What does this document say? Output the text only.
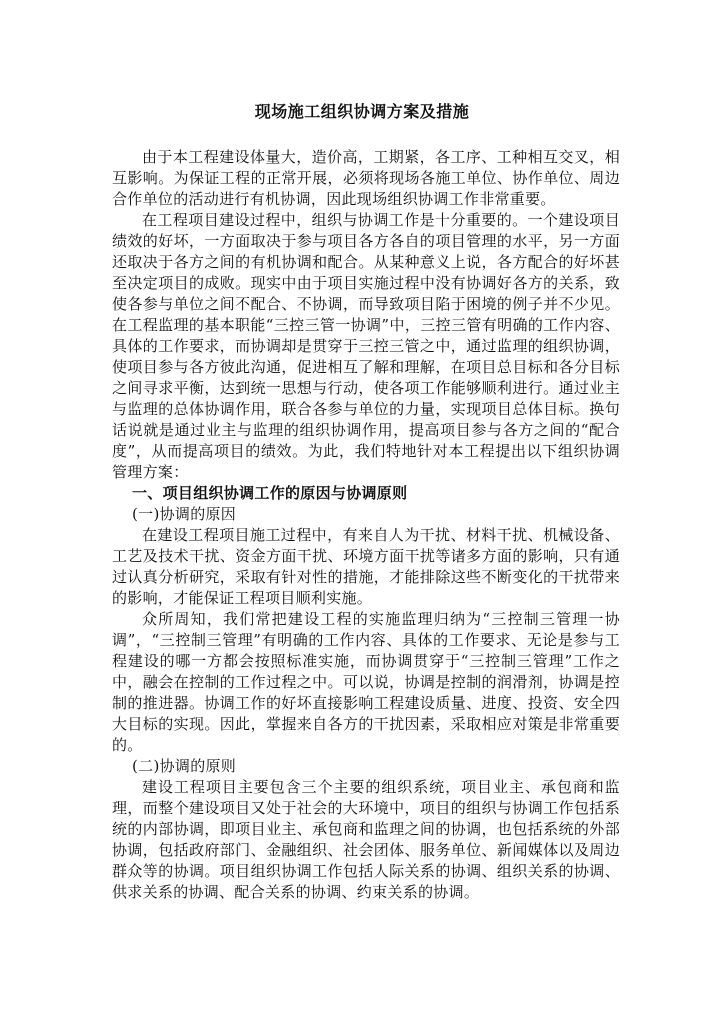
现场施工组织协调方案及措施

由于本工程建设体量大，造价高，工期紧，各工序、工种相互交叉，相互影响。为保证工程的正常开展，必须将现场各施工单位、协作单位、周边合作单位的活动进行有机协调，因此现场组织协调工作非常重要。

在工程项目建设过程中，组织与协调工作是十分重要的。一个建设项目绩效的好坏，一方面取决于参与项目各方各自的项目管理的水平，另一方面还取决于各方之间的有机协调和配合。从某种意义上说，各方配合的好坏甚至决定项目的成败。现实中由于项目实施过程中没有协调好各方的关系，致使各参与单位之间不配合、不协调，而导致项目陷于困境的例子并不少见。在工程监理的基本职能“三控三管一协调”中，三控三管有明确的工作内容、具体的工作要求，而协调却是贯穿于三控三管之中，通过监理的组织协调，使项目参与各方彼此沟通，促进相互了解和理解，在项目总目标和各分目标之间寻求平衡，达到统一思想与行动，使各项工作能够顺利进行。通过业主与监理的总体协调作用，联合各参与单位的力量，实现项目总体目标。换句话说就是通过业主与监理的组织协调作用，提高项目参与各方之间的“配合度”，从而提高项目的绩效。为此，我们特地针对本工程提出以下组织协调管理方案：

一、项目组织协调工作的原因与协调原则

(一)协调的原因

在建设工程项目施工过程中，有来自人为干扰、材料干扰、机械设备、工艺及技术干扰、资金方面干扰、环境方面干扰等诸多方面的影响，只有通过认真分析研究，采取有针对性的措施，才能排除这些不断变化的干扰带来的影响，才能保证工程项目顺利实施。

众所周知，我们常把建设工程的实施监理归纳为“三控制三管理一协调”，“三控制三管理”有明确的工作内容、具体的工作要求、无论是参与工程建设的哪一方都会按照标准实施，而协调贯穿于“三控制三管理”工作之中，融会在控制的工作过程之中。可以说，协调是控制的润滑剂，协调是控制的推进器。协调工作的好坏直接影响工程建设质量、进度、投资、安全四大目标的实现。因此，掌握来自各方的干扰因素，采取相应对策是非常重要的。

(二)协调的原则

建设工程项目主要包含三个主要的组织系统，项目业主、承包商和监理，而整个建设项目又处于社会的大环境中，项目的组织与协调工作包括系统的内部协调，即项目业主、承包商和监理之间的协调，也包括系统的外部协调，包括政府部门、金融组织、社会团体、服务单位、新闻媒体以及周边群众等的协调。项目组织协调工作包括人际关系的协调、组织关系的协调、供求关系的协调、配合关系的协调、约束关系的协调。
